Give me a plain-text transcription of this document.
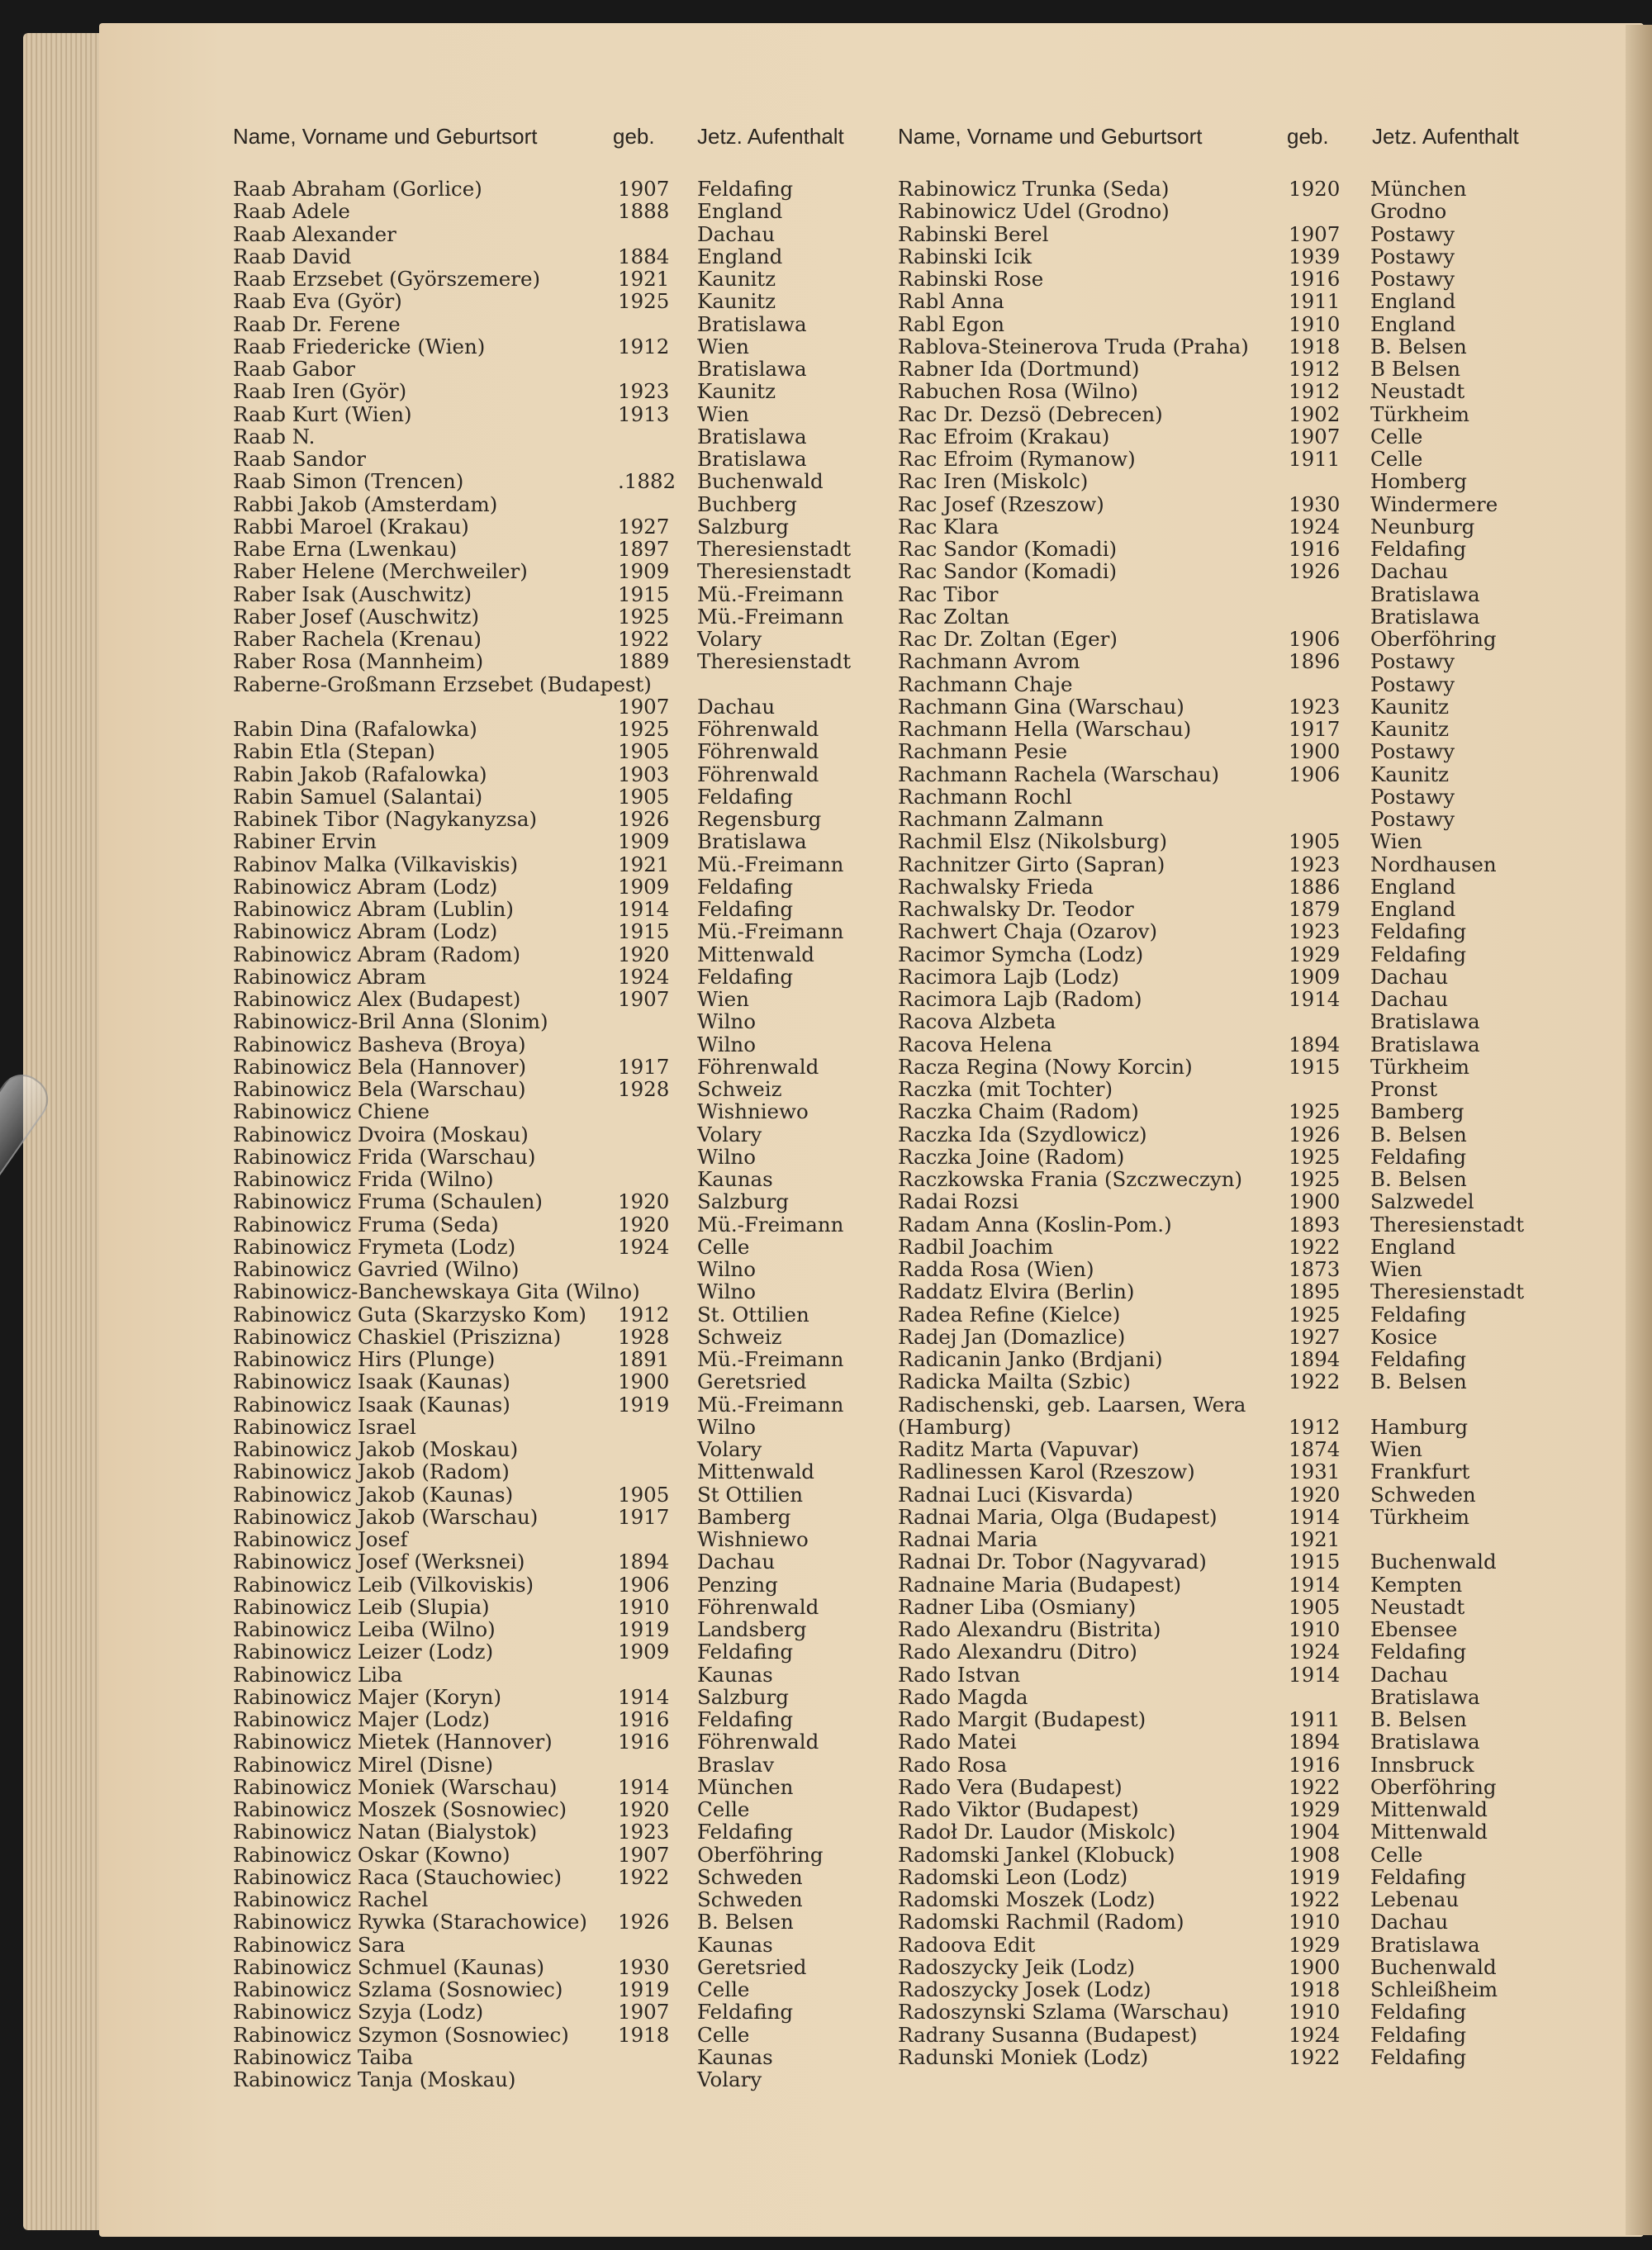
Name, Vorname und Geburtsort	geb. Jetz. Aufenthalt	Name, Vorname und Geburtsort	geb. Jetz. Aufenthalt
Raab Abraham (Gorlice)	1907 Feldafing
Raab Adele	1888 England
Raab Alexander	Dachau
Raab David	1884 England
Raab Erzsebet (Györszemere)	1921 Kaunitz
Raab Eva (Györ)	1925 Kaunitz
Raab Dr. Ferene	Bratislawa
Raab Friedericke (Wien)	1912 Wien
Raab Gabor	Bratislawa
Raab Iren (Györ)	1923 Kaunitz
Raab Kurt (Wien)	1913 Wien
Raab N.	Bratislawa
Raab Sandor	Bratislawa
Raab Simon (Trencen)	.1882 Buchenwald
Rabbi Jakob (Amsterdam)	Buchberg
Rabbi Maroel (Krakau)	1927 Salzburg
Rabe Erna (Lwenkau)	1897 Theresienstadt
Raber Helene (Merchweiler)	1909 Theresienstadt
Raber Isak (Auschwitz)	1915 Mü.-Freimann
Raber Josef (Auschwitz)	1925 Mü.-Freimann
Raber Rachela (Krenau)	1922 Volary
Raber Rosa (Mannheim)	1889 Theresienstadt
Raberne-Großmann Erzsebet (Budapest)
1907 Dachau
Rabin Dina (Rafalowka)	1925 Föhrenwald
Rabin Etla (Stepan)	1905 Föhrenwald
Rabin Jakob (Rafalowka)	1903 Föhrenwald
Rabin Samuel (Salantai)	1905 Feldafing
Rabinek Tibor (Nagykanyzsa)	1926 Regensburg
Rabiner Ervin	1909 Bratislawa
Rabinov Malka (Vilkaviskis)	1921 Mü.-Freimann
Rabinowicz Abram (Lodz)	1909 Feldafing
Rabinowicz Abram (Lublin)	1914 Feldafing
Rabinowicz Abram (Lodz)	1915 Mü.-Freimann
Rabinowicz Abram (Radom)	1920 Mittenwald
Rabinowicz Abram	1924 Feldafing
Rabinowicz Alex (Budapest)	1907 Wien
Rabinowicz-Bril Anna (Slonim)	Wilno
Rabinowicz Basheva (Broya)	Wilno
Rabinowicz Bela (Hannover)	1917 Föhrenwald
Rabinowicz Bela (Warschau)	1928 Schweiz
Rabinowicz Chiene	Wishniewo
Rabinowicz Dvoira (Moskau)	Volary
Rabinowicz Frida (Warschau)	Wilno
Rabinowicz Frida (Wilno)	Kaunas
Rabinowicz Fruma (Schaulen)	1920 Salzburg
Rabinowicz Fruma (Seda)	1920 Mü.-Freimann
Rabinowicz Frymeta (Lodz)	1924 Celle
Rabinowicz Gavried (Wilno)	Wilno
Rabinowicz-Banchewskaya Gita (Wilno)	Wilno
Rabinowicz Guta (Skarzysko Kom) 1912 St. Ottilien
Rabinowicz Chaskiel (Priszizna)	1928 Schweiz
Rabinowicz Hirs (Plunge)	1891 Mü.-Freimann
Rabinowicz Isaak (Kaunas)	1900 Geretsried
Rabinowicz Isaak (Kaunas)	1919 Mü.-Freimann
Rabinowicz Israel	Wilno
Rabinowicz Jakob (Moskau)	Volary
Rabinowicz Jakob (Radom)	Mittenwald
Rabinowicz Jakob (Kaunas)	1905 St Ottilien
Rabinowicz Jakob (Warschau)	1917 Bamberg
Rabinowicz Josef	Wishniewo
Rabinowicz Josef (Werksnei)	1894 Dachau
Rabinowicz Leib (Vilkoviskis)	1906 Penzing
Rabinowicz Leib (Slupia)	1910 Föhrenwald
Rabinowicz Leiba (Wilno)	1919 Landsberg
Rabinowicz Leizer (Lodz)	1909 Feldafing
Rabinowicz Liba	Kaunas
Rabinowicz Majer (Koryn)	1914 Salzburg
Rabinowicz Majer (Lodz)	1916 Feldafing
Rabinowicz Mietek (Hannover)	1916 Föhrenwald
Rabinowicz Mirel (Disne)	Braslav
Rabinowicz Moniek (Warschau)	1914 München
Rabinowicz Moszek (Sosnowiec)	1920 Celle
Rabinowicz Natan (Bialystok)	1923 Feldafing
Rabinowicz Oskar (Kowno)	1907 Oberföhring
Rabinowicz Raca (Stauchowiec)	1922 Schweden
Rabinowicz Rachel	Schweden
Rabinowicz Rywka (Starachowice) 1926 B. Belsen
Rabinowicz Sara	Kaunas
Rabinowicz Schmuel (Kaunas)	1930 Geretsried
Rabinowicz Szlama (Sosnowiec)	1919 Celle
Rabinowicz Szyja (Lodz)	1907 Feldafing
Rabinowicz Szymon (Sosnowiec) 1918 Celle
Rabinowicz Taiba	Kaunas
Rabinowicz Tanja (Moskau)	Volary
Rabinowicz Trunka (Seda)	1920 München
Rabinowicz Udel (Grodno)	Grodno
Rabinski Berel	1907 Postawy
Rabinski Icik	1939 Postawy
Rabinski Rose	1916 Postawy
Rabl Anna	1911 England
Rabl Egon	1910 England
Rablova-Steinerova Truda (Praha) 1918 B. Belsen
Rabner Ida (Dortmund)	1912 B Belsen
Rabuchen Rosa (Wilno)	1912 Neustadt
Rac Dr. Dezsö (Debrecen)	1902 Türkheim
Rac Efroim (Krakau)	1907 Celle
Rac Efroim (Rymanow)	1911 Celle
Rac Iren (Miskolc)	Homberg
Rac Josef (Rzeszow)	1930 Windermere
Rac Klara	1924 Neunburg
Rac Sandor (Komadi)	1916 Feldafing
Rac Sandor (Komadi)	1926 Dachau
Rac Tibor	Bratislawa
Rac Zoltan	Bratislawa
Rac Dr. Zoltan (Eger)	1906 Oberföhring
Rachmann Avrom	1896 Postawy
Rachmann Chaje	Postawy
Rachmann Gina (Warschau)	1923 Kaunitz
Rachmann Hella (Warschau)	1917 Kaunitz
Rachmann Pesie	1900 Postawy
Rachmann Rachela (Warschau)	1906 Kaunitz
Rachmann Rochl	Postawy
Rachmann Zalmann	Postawy
Rachmil Elsz (Nikolsburg)	1905 Wien
Rachnitzer Girto (Sapran)	1923 Nordhausen
Rachwalsky Frieda	1886 England
Rachwalsky Dr. Teodor	1879 England
Rachwert Chaja (Ozarov)	1923 Feldafing
Racimor Symcha (Lodz)	1929 Feldafing
Racimora Lajb (Lodz)	1909 Dachau
Racimora Lajb (Radom)	1914 Dachau
Racova Alzbeta	Bratislawa
Racova Helena	1894 Bratislawa
Racza Regina (Nowy Korcin)	1915 Türkheim
Raczka (mit Tochter)	Pronst
Raczka Chaim (Radom)	1925 Bamberg
Raczka Ida (Szydlowicz)	1926 B. Belsen
Raczka Joine (Radom)	1925 Feldafing
Raczkowska Frania (Szczweczyn) 1925 B. Belsen
Radai Rozsi	1900 Salzwedel
Radam Anna (Koslin-Pom.)	1893 Theresienstadt
Radbil Joachim	1922 England
Radda Rosa (Wien)	1873 Wien
Raddatz Elvira (Berlin)	1895 Theresienstadt
Radea Refine (Kielce)	1925 Feldafing
Radej Jan (Domazlice)	1927 Kosice
Radicanin Janko (Brdjani)	1894 Feldafing
Radicka Mailta (Szbic)	1922 B. Belsen
Radischenski, geb. Laarsen, Wera
(Hamburg)	1912 Hamburg
Raditz Marta (Vapuvar)	1874 Wien
Radlinessen Karol (Rzeszow)	1931 Frankfurt
Radnai Luci (Kisvarda)	1920 Schweden
Radnai Maria, Olga (Budapest)	1914 Türkheim
Radnai Maria	1921
Radnai Dr. Tobor (Nagyvarad)	1915 Buchenwald
Radnaine Maria (Budapest)	1914 Kempten
Radner Liba (Osmiany)	1905 Neustadt
Rado Alexandru (Bistrita)	1910 Ebensee
Rado Alexandru (Ditro)	1924 Feldafing
Rado Istvan	1914 Dachau
Rado Magda	Bratislawa
Rado Margit (Budapest)	1911 B. Belsen
Rado Matei	1894 Bratislawa
Rado Rosa	1916 Innsbruck
Rado Vera (Budapest)	1922 Oberföhring
Rado Viktor (Budapest)	1929 Mittenwald
Radoł Dr. Laudor (Miskolc)	1904 Mittenwald
Radomski Jankel (Klobuck)	1908 Celle
Radomski Leon (Lodz)	1919 Feldafing
Radomski Moszek (Lodz)	1922 Lebenau
Radomski Rachmil (Radom)	1910 Dachau
Radoova Edit	1929 Bratislawa
Radoszycky Jeik (Lodz)	1900 Buchenwald
Radoszycky Josek (Lodz)	1918 Schleißheim
Radoszynski Szlama (Warschau)	1910 Feldafing
Radrany Susanna (Budapest)	1924 Feldafing
Radunski Moniek (Lodz)	1922 Feldafing
